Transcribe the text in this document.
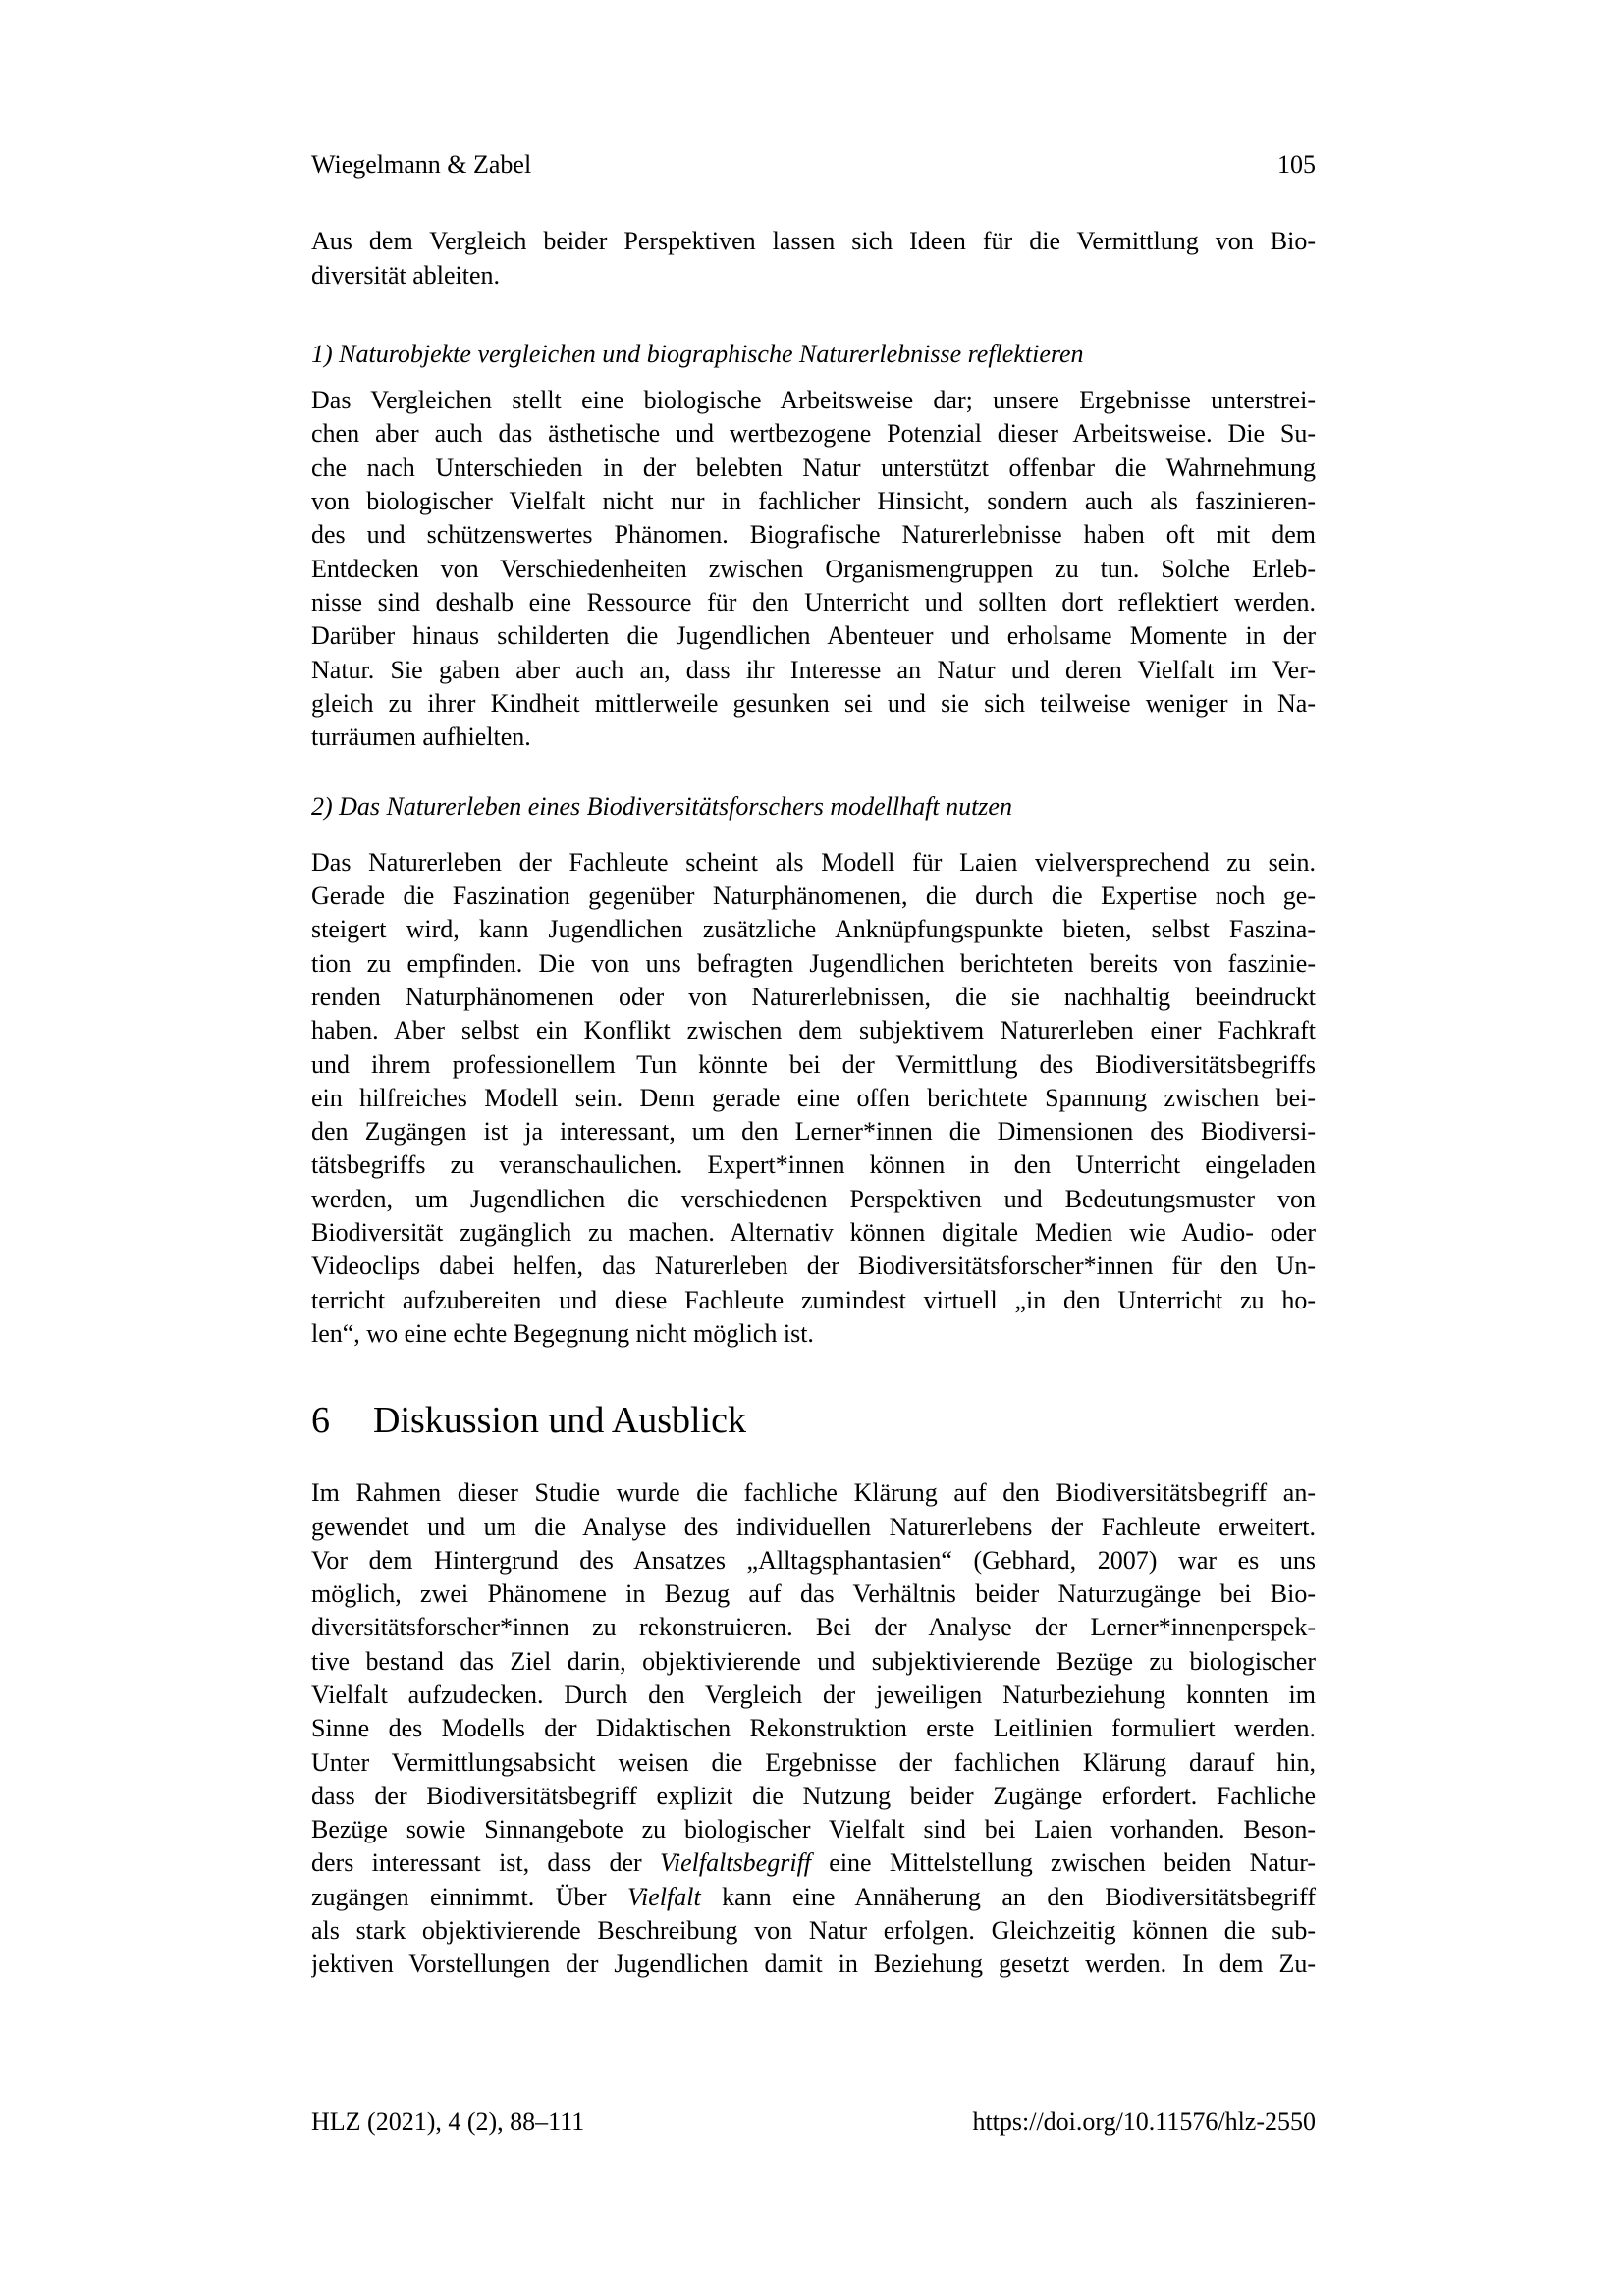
Wiegelmann & Zabel	105
Aus dem Vergleich beider Perspektiven lassen sich Ideen für die Vermittlung von Bio-
diversität ableiten.
1) Naturobjekte vergleichen und biographische Naturerlebnisse reflektieren
Das Vergleichen stellt eine biologische Arbeitsweise dar; unsere Ergebnisse unterstrei-
chen aber auch das ästhetische und wertbezogene Potenzial dieser Arbeitsweise. Die Su-
che nach Unterschieden in der belebten Natur unterstützt offenbar die Wahrnehmung
von biologischer Vielfalt nicht nur in fachlicher Hinsicht, sondern auch als faszinieren-
des und schützenswertes Phänomen. Biografische Naturerlebnisse haben oft mit dem
Entdecken von Verschiedenheiten zwischen Organismengruppen zu tun. Solche Erleb-
nisse sind deshalb eine Ressource für den Unterricht und sollten dort reflektiert werden.
Darüber hinaus schilderten die Jugendlichen Abenteuer und erholsame Momente in der
Natur. Sie gaben aber auch an, dass ihr Interesse an Natur und deren Vielfalt im Ver-
gleich zu ihrer Kindheit mittlerweile gesunken sei und sie sich teilweise weniger in Na-
turräumen aufhielten.
2) Das Naturerleben eines Biodiversitätsforschers modellhaft nutzen
Das Naturerleben der Fachleute scheint als Modell für Laien vielversprechend zu sein.
Gerade die Faszination gegenüber Naturphänomenen, die durch die Expertise noch ge-
steigert wird, kann Jugendlichen zusätzliche Anknüpfungspunkte bieten, selbst Faszina-
tion zu empfinden. Die von uns befragten Jugendlichen berichteten bereits von faszinie-
renden Naturphänomenen oder von Naturerlebnissen, die sie nachhaltig beeindruckt
haben. Aber selbst ein Konflikt zwischen dem subjektivem Naturerleben einer Fachkraft
und ihrem professionellem Tun könnte bei der Vermittlung des Biodiversitätsbegriffs
ein hilfreiches Modell sein. Denn gerade eine offen berichtete Spannung zwischen bei-
den Zugängen ist ja interessant, um den Lerner*innen die Dimensionen des Biodiversi-
tätsbegriffs zu veranschaulichen. Expert*innen können in den Unterricht eingeladen
werden, um Jugendlichen die verschiedenen Perspektiven und Bedeutungsmuster von
Biodiversität zugänglich zu machen. Alternativ können digitale Medien wie Audio- oder
Videoclips dabei helfen, das Naturerleben der Biodiversitätsforscher*innen für den Un-
terricht aufzubereiten und diese Fachleute zumindest virtuell „in den Unterricht zu ho-
len“, wo eine echte Begegnung nicht möglich ist.
6	Diskussion und Ausblick
Im Rahmen dieser Studie wurde die fachliche Klärung auf den Biodiversitätsbegriff an-
gewendet und um die Analyse des individuellen Naturerlebens der Fachleute erweitert.
Vor dem Hintergrund des Ansatzes „Alltagsphantasien“ (Gebhard, 2007) war es uns
möglich, zwei Phänomene in Bezug auf das Verhältnis beider Naturzugänge bei Bio-
diversitätsforscher*innen zu rekonstruieren. Bei der Analyse der Lerner*innenperspek-
tive bestand das Ziel darin, objektivierende und subjektivierende Bezüge zu biologischer
Vielfalt aufzudecken. Durch den Vergleich der jeweiligen Naturbeziehung konnten im
Sinne des Modells der Didaktischen Rekonstruktion erste Leitlinien formuliert werden.
Unter Vermittlungsabsicht weisen die Ergebnisse der fachlichen Klärung darauf hin,
dass der Biodiversitätsbegriff explizit die Nutzung beider Zugänge erfordert. Fachliche
Bezüge sowie Sinnangebote zu biologischer Vielfalt sind bei Laien vorhanden. Beson-
ders interessant ist, dass der Vielfaltsbegriff eine Mittelstellung zwischen beiden Natur-
zugängen einnimmt. Über Vielfalt kann eine Annäherung an den Biodiversitätsbegriff
als stark objektivierende Beschreibung von Natur erfolgen. Gleichzeitig können die sub-
jektiven Vorstellungen der Jugendlichen damit in Beziehung gesetzt werden. In dem Zu-
HLZ (2021), 4 (2), 88–111	https://doi.org/10.11576/hlz-2550
